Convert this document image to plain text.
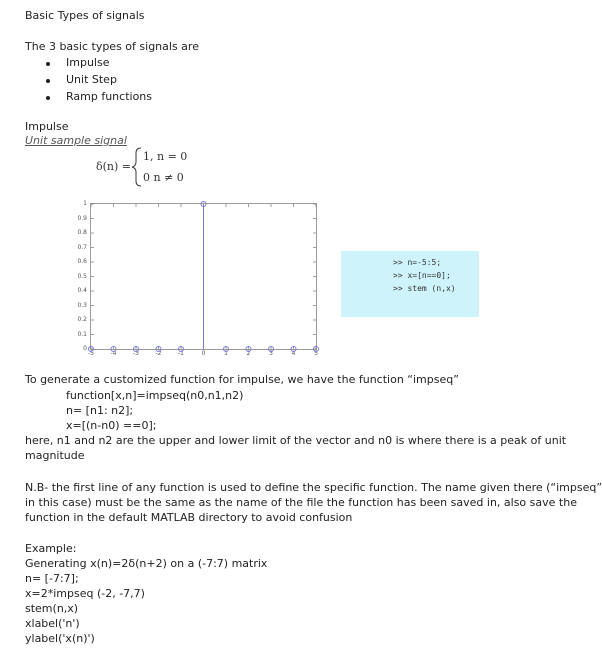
Basic Types of signals
The 3 basic types of signals are
Impulse
Unit Step
Ramp functions
Impulse
Unit sample signal
δ(n) =
1, n = 0
0 n ≠ 0
0
0.1
0.2
0.3
0.4
0.5
0.6
0.7
0.8
0.9
1
-5	-4	-3	-2	-1	0	1	2	3	4	5
>> n=-5:5;
>> x=[n==0];
>> stem (n,x)
To generate a customized function for impulse, we have the function “impseq”
function[x,n]=impseq(n0,n1,n2)
n= [n1: n2];
x=[(n-n0) ==0];
here, n1 and n2 are the upper and lower limit of the vector and n0 is where there is a peak of unit
magnitude
N.B- the first line of any function is used to define the specific function. The name given there (“impseq”
in this case) must be the same as the name of the file the function has been saved in, also save the
function in the default MATLAB directory to avoid confusion
Example:
Generating x(n)=2δ(n+2) on a (-7:7) matrix
n= [-7:7];
x=2*impseq (-2, -7,7)
stem(n,x)
xlabel('n')
ylabel('x(n)')
